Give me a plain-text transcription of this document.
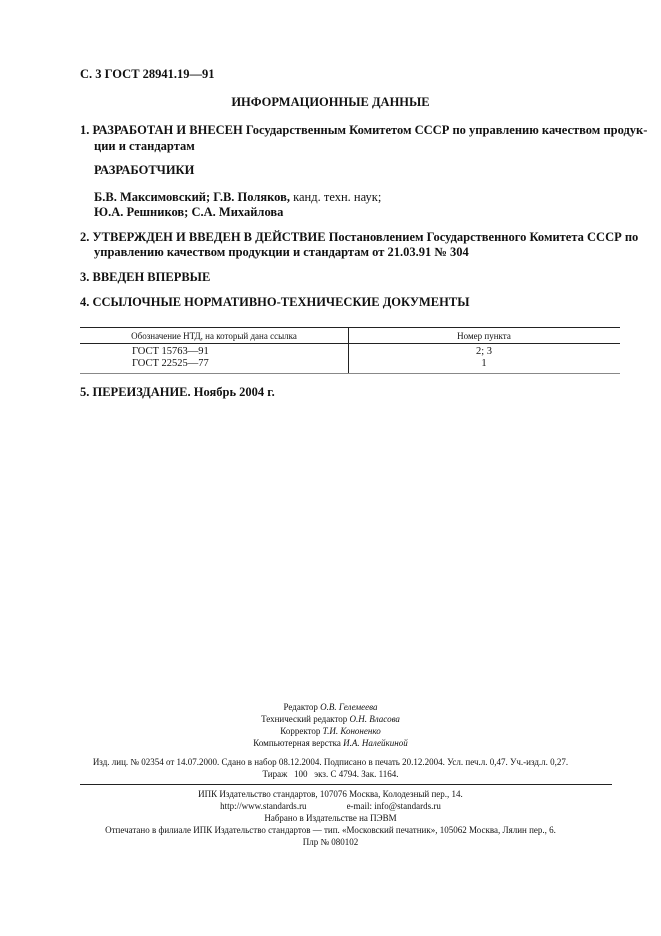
С. 3 ГОСТ 28941.19—91
ИНФОРМАЦИОННЫЕ ДАННЫЕ
1. РАЗРАБОТАН И ВНЕСЕН Государственным Комитетом СССР по управлению качеством продук-
ции и стандартам
РАЗРАБОТЧИКИ
Б.В. Максимовский; Г.В. Поляков, канд. техн. наук;
Ю.А. Решников; С.А. Михайлова
2. УТВЕРЖДЕН И ВВЕДЕН В ДЕЙСТВИЕ Постановлением Государственного Комитета СССР по
управлению качеством продукции и стандартам от 21.03.91 № 304
3. ВВЕДЕН ВПЕРВЫЕ
4. ССЫЛОЧНЫЕ НОРМАТИВНО-ТЕХНИЧЕСКИЕ ДОКУМЕНТЫ
Обозначение НТД, на который дана ссылка	Номер пункта
ГОСТ 15763—91	2; 3
ГОСТ 22525—77	1
5. ПЕРЕИЗДАНИЕ. Ноябрь 2004 г.
Редактор О.В. Гелемеева
Технический редактор О.Н. Власова
Корректор Т.И. Кононенко
Компьютерная верстка И.А. Налейкиной
Изд. лиц. № 02354 от 14.07.2000. Сдано в набор 08.12.2004. Подписано в печать 20.12.2004. Усл. печ.л. 0,47. Уч.-изд.л. 0,27.
Тираж   100   экз. С 4794. Зак. 1164.
ИПК Издательство стандартов, 107076 Москва, Колодезный пер., 14.
http://www.standards.ru	e-mail: info@standards.ru
Набрано в Издательстве на ПЭВМ
Отпечатано в филиале ИПК Издательство стандартов — тип. «Московский печатник», 105062 Москва, Лялин пер., 6.
Плр № 080102
